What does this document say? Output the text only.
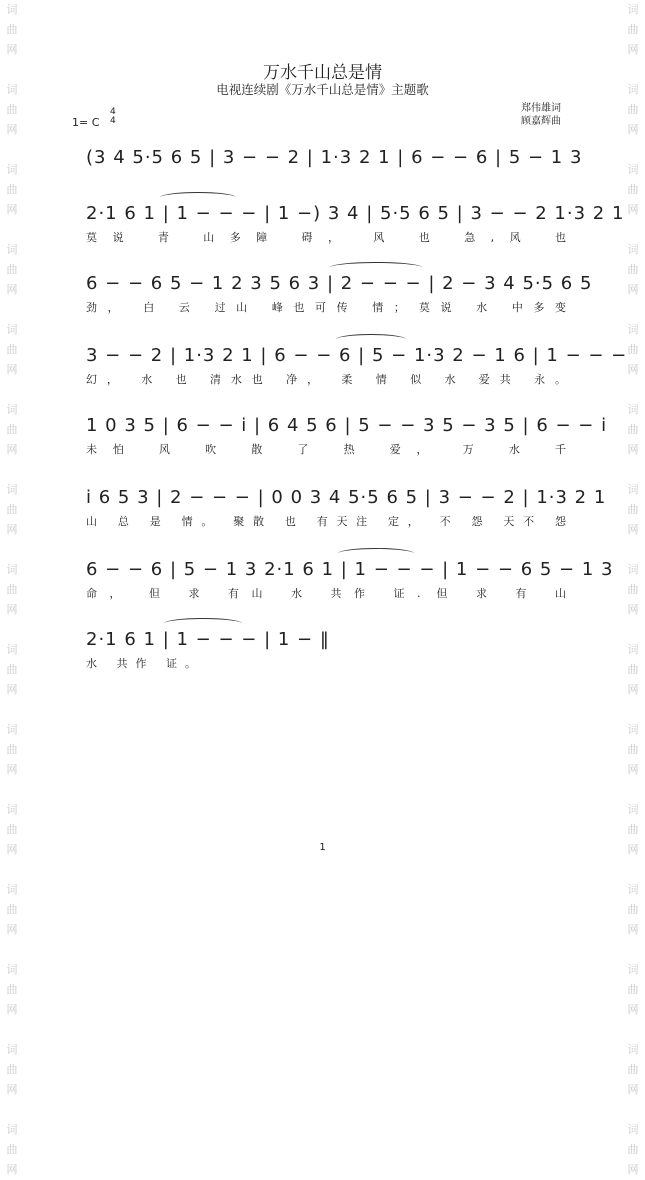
词
曲
网

词
曲
网

词
曲
网

词
曲
网

词
曲
网

词
曲
网

词
曲
网

词
曲
网

词
曲
网

词
曲
网

词
曲
网

词
曲
网

词
曲
网

词
曲
网

词
曲
网
词
曲
网

词
曲
网

词
曲
网

词
曲
网

词
曲
网

词
曲
网

词
曲
网

词
曲
网

词
曲
网

词
曲
网

词
曲
网

词
曲
网

词
曲
网

词
曲
网

词
曲
网
万水千山总是情
电视连续剧《万水千山总是情》主题歌
1= C
4
4
郑伟雄词
顾嘉辉曲
(3 4 5·5 6 5 | 3 − − 2 | 1·3 2 1 | 6 − − 6 | 5 − 1 3
2·1 6 1 | 1 − − − | 1 −) 3 4 | 5·5 6 5 | 3 − − 2 1·3 2 1
莫说 青 山多障 碍， 风 也 急,风 也
6 − − 6 5 − 1 2 3 5 6 3 | 2 − − − | 2 − 3 4 5·5 6 5
劲， 白 云 过山 峰也可传 情； 莫说 水 中多变
3 − − 2 | 1·3 2 1 | 6 − − 6 | 5 − 1·3 2 − 1 6 | 1 − − −
幻， 水 也 清水也 净， 柔 情 似 水 爱共 永。
1 0 3 5 | 6 − − i | 6 4 5 6 | 5 − − 3 5 − 3 5 | 6 − − i
未怕 风 吹 散 了 热 爱， 万 水 千
i 6 5 3 | 2 − − − | 0 0 3 4 5·5 6 5 | 3 − − 2 | 1·3 2 1
山 总 是 情。 聚散 也 有天注 定， 不 怨 天不 怨
6 − − 6 | 5 − 1 3 2·1 6 1 | 1 − − − | 1 − − 6 5 − 1 3
命， 但 求 有山 水 共作 证. 但 求 有 山
2·1 6 1 | 1 − − − | 1 − ‖
水 共作 证。
1
